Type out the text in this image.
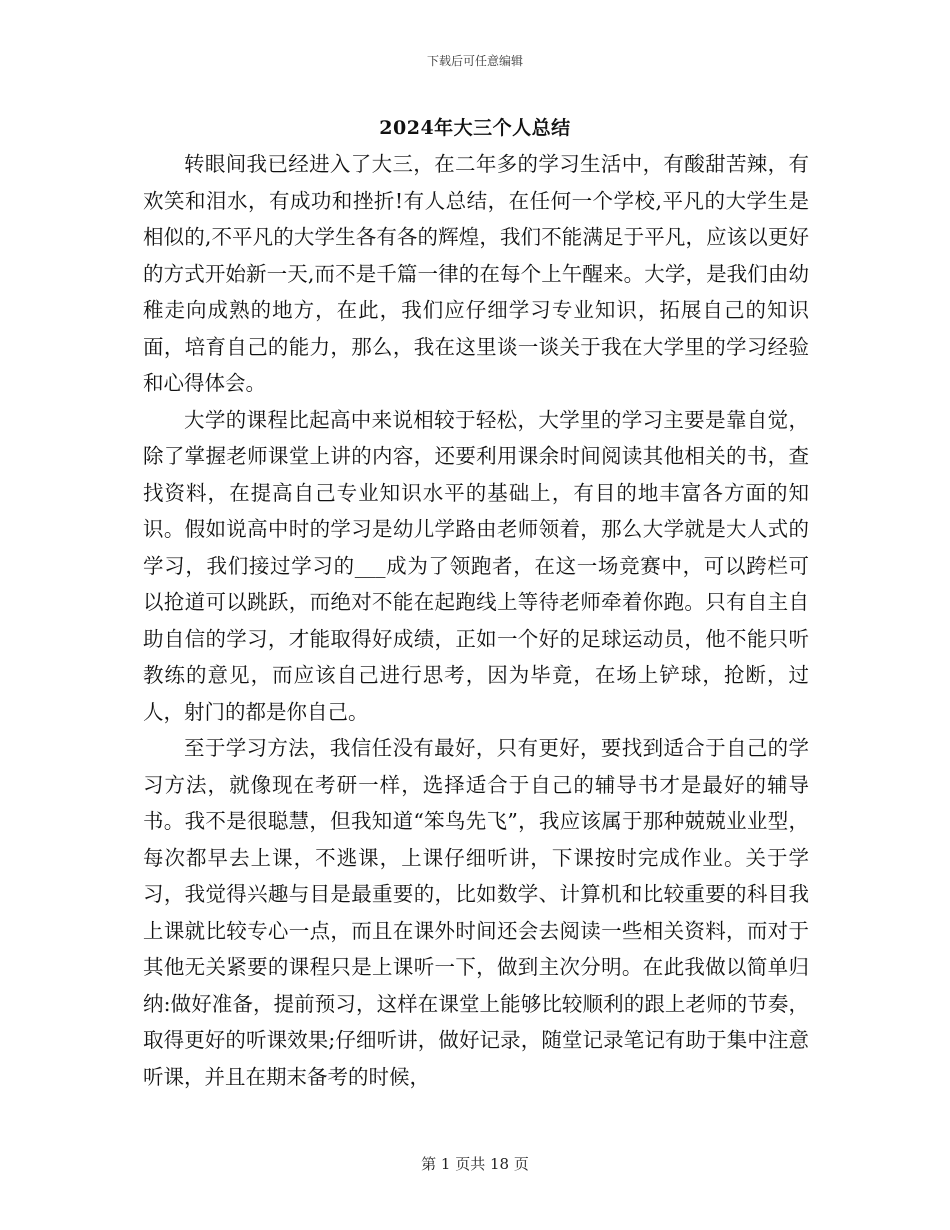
下载后可任意编辑
2024年大三个人总结

转眼间我已经进入了大三，在二年多的学习生活中，有酸甜苦辣，有欢笑和泪水，有成功和挫折!有人总结，在任何一个学校,平凡的大学生是相似的,不平凡的大学生各有各的辉煌，我们不能满足于平凡，应该以更好的方式开始新一天,而不是千篇一律的在每个上午醒来。大学，是我们由幼稚走向成熟的地方，在此，我们应仔细学习专业知识，拓展自己的知识面，培育自己的能力，那么，我在这里谈一谈关于我在大学里的学习经验和心得体会。

大学的课程比起高中来说相较于轻松，大学里的学习主要是靠自觉，除了掌握老师课堂上讲的内容，还要利用课余时间阅读其他相关的书，查找资料，在提高自己专业知识水平的基础上，有目的地丰富各方面的知识。假如说高中时的学习是幼儿学路由老师领着，那么大学就是大人式的学习，我们接过学习的___成为了领跑者，在这一场竞赛中，可以跨栏可以抢道可以跳跃，而绝对不能在起跑线上等待老师牵着你跑。只有自主自助自信的学习，才能取得好成绩，正如一个好的足球运动员，他不能只听教练的意见，而应该自己进行思考，因为毕竟，在场上铲球，抢断，过人，射门的都是你自己。

至于学习方法，我信任没有最好，只有更好，要找到适合于自己的学习方法，就像现在考研一样，选择适合于自己的辅导书才是最好的辅导书。我不是很聪慧，但我知道“笨鸟先飞”，我应该属于那种兢兢业业型，每次都早去上课，不逃课，上课仔细听讲，下课按时完成作业。关于学习，我觉得兴趣与目是最重要的，比如数学、计算机和比较重要的科目我上课就比较专心一点，而且在课外时间还会去阅读一些相关资料，而对于其他无关紧要的课程只是上课听一下，做到主次分明。在此我做以简单归纳:做好准备，提前预习，这样在课堂上能够比较顺利的跟上老师的节奏，取得更好的听课效果;仔细听讲，做好记录，随堂记录笔记有助于集中注意听课，并且在期末备考的时候，

第 1 页共 18 页
